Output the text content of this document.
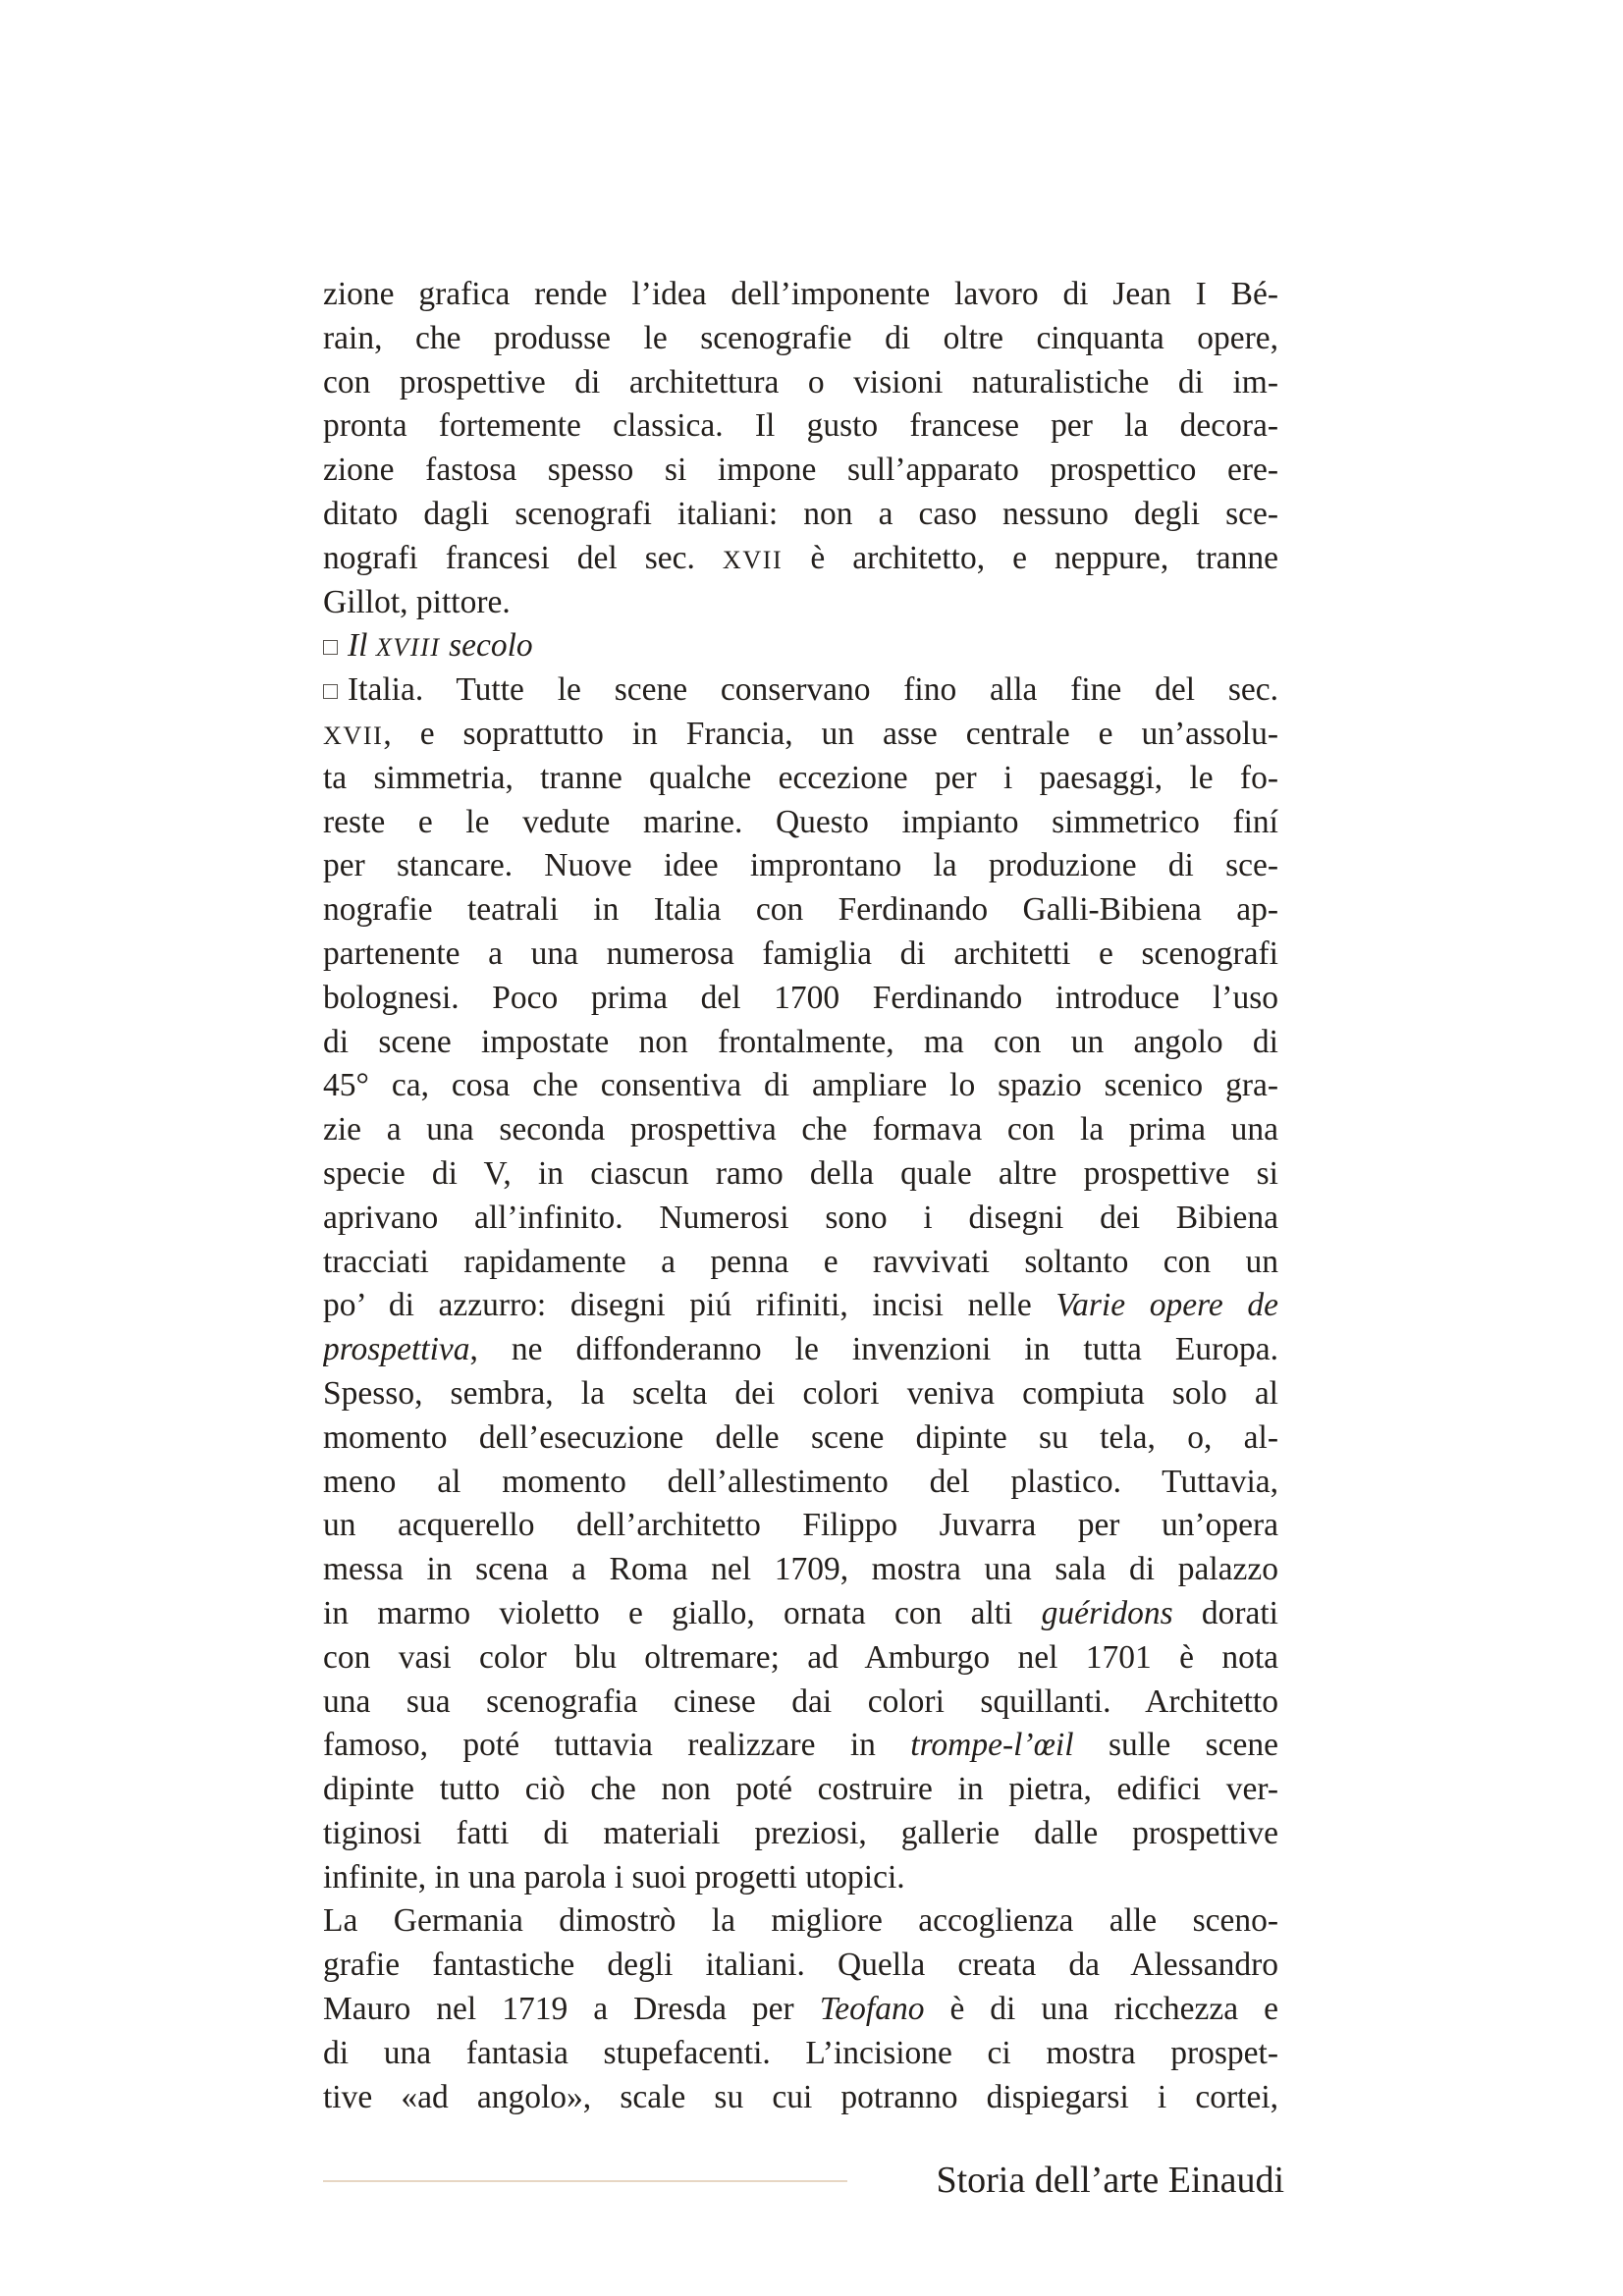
zione grafica rende l’idea dell’imponente lavoro di Jean I Bé-
rain, che produsse le scenografie di oltre cinquanta opere,
con prospettive di architettura o visioni naturalistiche di im-
pronta fortemente classica. Il gusto francese per la decora-
zione fastosa spesso si impone sull’apparato prospettico ere-
ditato dagli scenografi italiani: non a caso nessuno degli sce-
nografi francesi del sec. XVII è architetto, e neppure, tranne
Gillot, pittore.
Il XVIII secolo
Italia. Tutte le scene conservano fino alla fine del sec.
XVII, e soprattutto in Francia, un asse centrale e un’assolu-
ta simmetria, tranne qualche eccezione per i paesaggi, le fo-
reste e le vedute marine. Questo impianto simmetrico finí
per stancare. Nuove idee improntano la produzione di sce-
nografie teatrali in Italia con Ferdinando Galli-Bibiena ap-
partenente a una numerosa famiglia di architetti e scenografi
bolognesi. Poco prima del 1700 Ferdinando introduce l’uso
di scene impostate non frontalmente, ma con un angolo di
45° ca, cosa che consentiva di ampliare lo spazio scenico gra-
zie a una seconda prospettiva che formava con la prima una
specie di V, in ciascun ramo della quale altre prospettive si
aprivano all’infinito. Numerosi sono i disegni dei Bibiena
tracciati rapidamente a penna e ravvivati soltanto con un
po’ di azzurro: disegni piú rifiniti, incisi nelle Varie opere de
prospettiva, ne diffonderanno le invenzioni in tutta Europa.
Spesso, sembra, la scelta dei colori veniva compiuta solo al
momento dell’esecuzione delle scene dipinte su tela, o, al-
meno al momento dell’allestimento del plastico. Tuttavia,
un acquerello dell’architetto Filippo Juvarra per un’opera
messa in scena a Roma nel 1709, mostra una sala di palazzo
in marmo violetto e giallo, ornata con alti guéridons dorati
con vasi color blu oltremare; ad Amburgo nel 1701 è nota
una sua scenografia cinese dai colori squillanti. Architetto
famoso, poté tuttavia realizzare in trompe-l’œil sulle scene
dipinte tutto ciò che non poté costruire in pietra, edifici ver-
tiginosi fatti di materiali preziosi, gallerie dalle prospettive
infinite, in una parola i suoi progetti utopici.
La Germania dimostrò la migliore accoglienza alle sceno-
grafie fantastiche degli italiani. Quella creata da Alessandro
Mauro nel 1719 a Dresda per Teofano è di una ricchezza e
di una fantasia stupefacenti. L’incisione ci mostra prospet-
tive «ad angolo», scale su cui potranno dispiegarsi i cortei,
Storia dell’arte Einaudi
